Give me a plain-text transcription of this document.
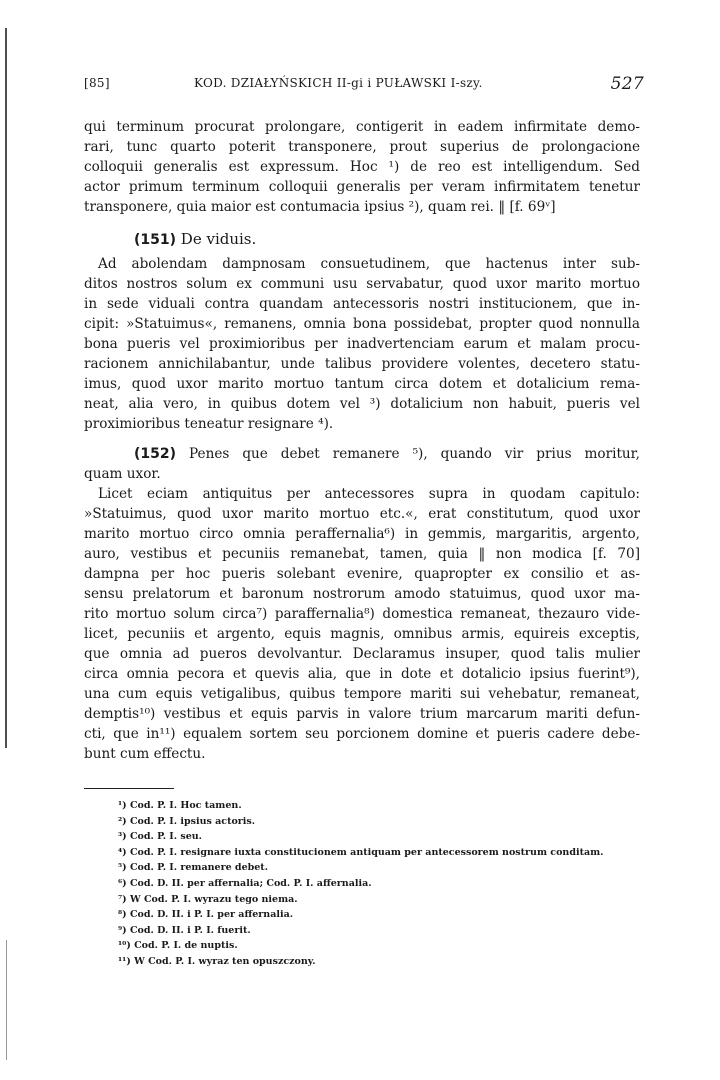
[85]	KOD. DZIAŁYŃSKICH II-gi i PUŁAWSKI I-szy.	527

qui terminum procurat prolongare, contigerit in eadem infirmitate demo-
rari, tunc quarto poterit transponere, prout superius de prolongacione
colloquii generalis est expressum. Hoc ¹) de reo est intelligendum. Sed
actor primum terminum colloquii generalis per veram infirmitatem tenetur
transponere, quia maior est contumacia ipsius ²), quam rei. ‖ [f. 69ᵛ]

(151) De viduis.

Ad abolendam dampnosam consuetudinem, que hactenus inter sub-
ditos nostros solum ex communi usu servabatur, quod uxor marito mortuo
in sede viduali contra quandam antecessoris nostri institucionem, que in-
cipit: »Statuimus«, remanens, omnia bona possidebat, propter quod nonnulla
bona pueris vel proximioribus per inadvertenciam earum et malam procu-
racionem annichilabantur, unde talibus providere volentes, decetero statu-
imus, quod uxor marito mortuo tantum circa dotem et dotalicium rema-
neat, alia vero, in quibus dotem vel ³) dotalicium non habuit, pueris vel
proximioribus teneatur resignare ⁴).

(152) Penes que debet remanere ⁵), quando vir prius moritur,
quam uxor.

Licet eciam antiquitus per antecessores supra in quodam capitulo:
»Statuimus, quod uxor marito mortuo etc.«, erat constitutum, quod uxor
marito mortuo circo omnia peraffernalia⁶) in gemmis, margaritis, argento,
auro, vestibus et pecuniis remanebat, tamen, quia ‖ non modica [f. 70]
dampna per hoc pueris solebant evenire, quapropter ex consilio et as-
sensu prelatorum et baronum nostrorum amodo statuimus, quod uxor ma-
rito mortuo solum circa⁷) paraffernalia⁸) domestica remaneat, thezauro vide-
licet, pecuniis et argento, equis magnis, omnibus armis, equireis exceptis,
que omnia ad pueros devolvantur. Declaramus insuper, quod talis mulier
circa omnia pecora et quevis alia, que in dote et dotalicio ipsius fuerint⁹),
una cum equis vetigalibus, quibus tempore mariti sui vehebatur, remaneat,
demptis¹⁰) vestibus et equis parvis in valore trium marcarum mariti defun-
cti, que in¹¹) equalem sortem seu porcionem domine et pueris cadere debe-
bunt cum effectu.

¹) Cod. P. I. Hoc tamen.
²) Cod. P. I. ipsius actoris.
³) Cod. P. I. seu.
⁴) Cod. P. I. resignare iuxta constitucionem antiquam per antecessorem nostrum conditam.
⁵) Cod. P. I. remanere debet.
⁶) Cod. D. II. per affernalia; Cod. P. I. affernalia.
⁷) W Cod. P. I. wyrazu tego niema.
⁸) Cod. D. II. i P. I. per affernalia.
⁹) Cod. D. II. i P. I. fuerit.
¹⁰) Cod. P. I. de nuptis.
¹¹) W Cod. P. I. wyraz ten opuszczony.
